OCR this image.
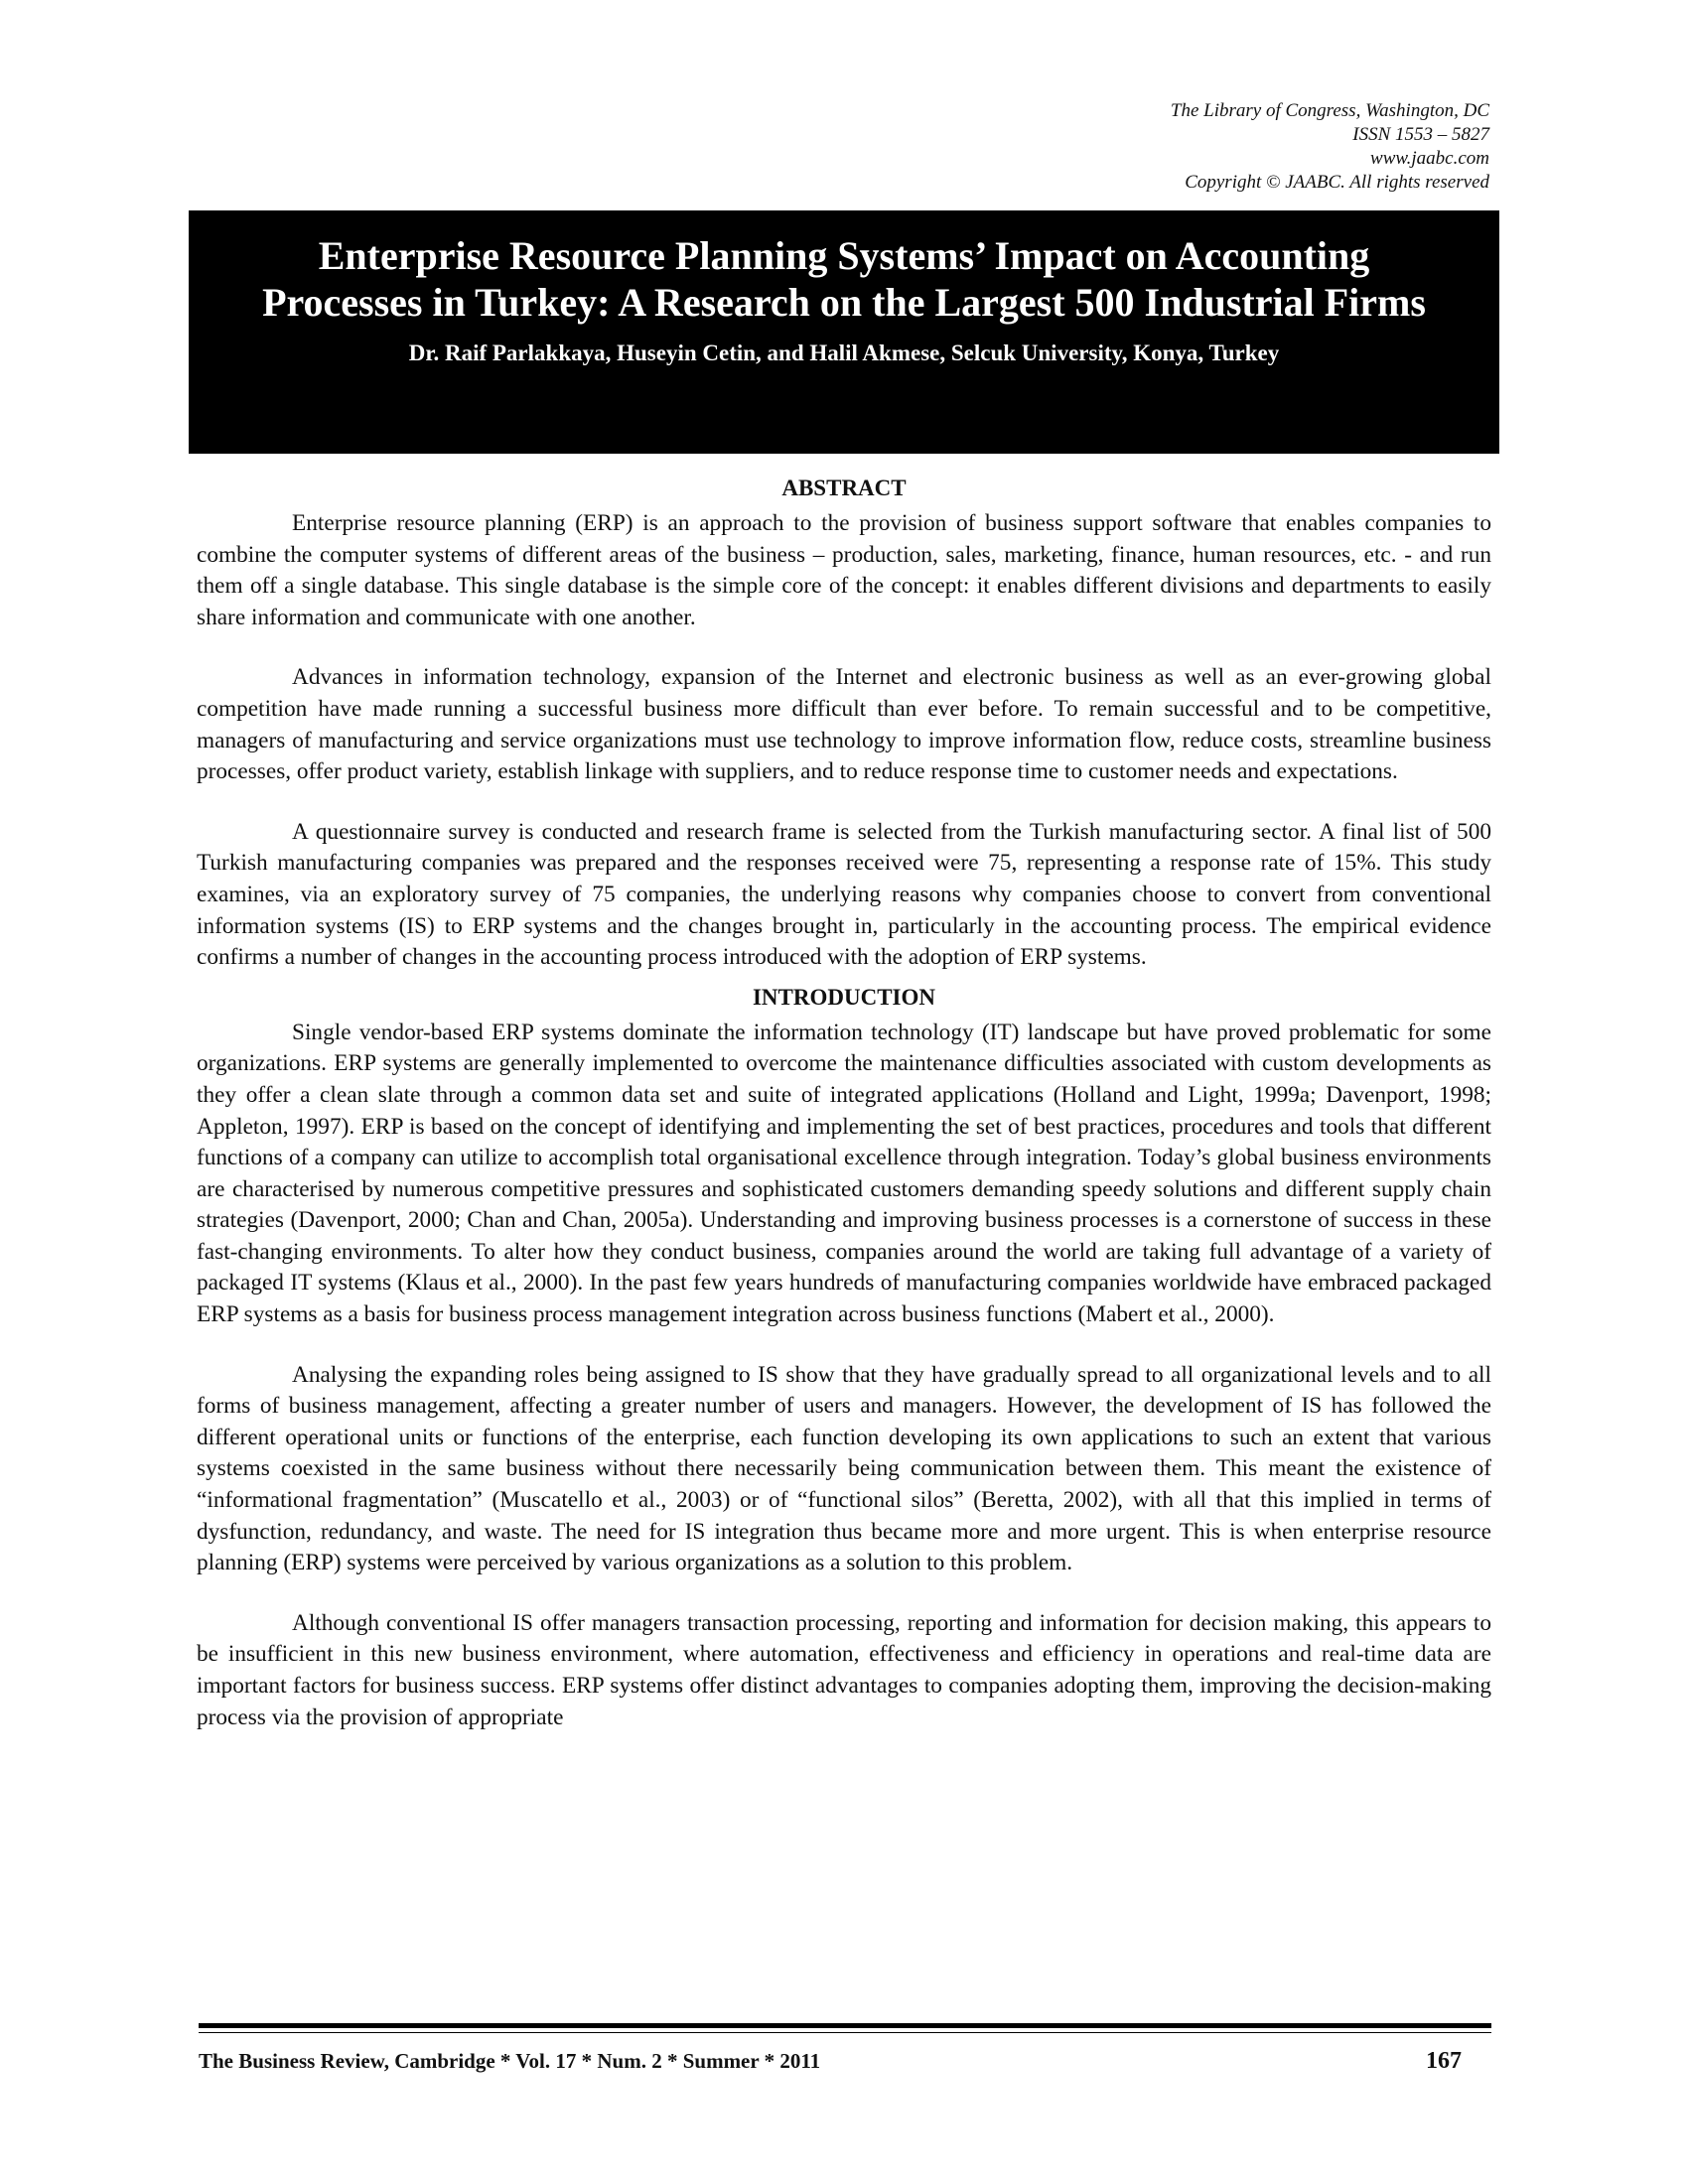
The Library of Congress, Washington, DC
ISSN 1553 – 5827
www.jaabc.com
Copyright © JAABC. All rights reserved
Enterprise Resource Planning Systems’ Impact on Accounting Processes in Turkey: A Research on the Largest 500 Industrial Firms
Dr. Raif Parlakkaya, Huseyin Cetin, and Halil Akmese, Selcuk University, Konya, Turkey
ABSTRACT

Enterprise resource planning (ERP) is an approach to the provision of business support software that enables companies to combine the computer systems of different areas of the business – production, sales, marketing, finance, human resources, etc. - and run them off a single database. This single database is the simple core of the concept: it enables different divisions and departments to easily share information and communicate with one another.

Advances in information technology, expansion of the Internet and electronic business as well as an ever-growing global competition have made running a successful business more difficult than ever before. To remain successful and to be competitive, managers of manufacturing and service organizations must use technology to improve information flow, reduce costs, streamline business processes, offer product variety, establish linkage with suppliers, and to reduce response time to customer needs and expectations.

A questionnaire survey is conducted and research frame is selected from the Turkish manufacturing sector. A final list of 500 Turkish manufacturing companies was prepared and the responses received were 75, representing a response rate of 15%. This study examines, via an exploratory survey of 75 companies, the underlying reasons why companies choose to convert from conventional information systems (IS) to ERP systems and the changes brought in, particularly in the accounting process. The empirical evidence confirms a number of changes in the accounting process introduced with the adoption of ERP systems.

INTRODUCTION

Single vendor-based ERP systems dominate the information technology (IT) landscape but have proved problematic for some organizations. ERP systems are generally implemented to overcome the maintenance difficulties associated with custom developments as they offer a clean slate through a common data set and suite of integrated applications (Holland and Light, 1999a; Davenport, 1998; Appleton, 1997). ERP is based on the concept of identifying and implementing the set of best practices, procedures and tools that different functions of a company can utilize to accomplish total organisational excellence through integration. Today’s global business environments are characterised by numerous competitive pressures and sophisticated customers demanding speedy solutions and different supply chain strategies (Davenport, 2000; Chan and Chan, 2005a). Understanding and improving business processes is a cornerstone of success in these fast-changing environments. To alter how they conduct business, companies around the world are taking full advantage of a variety of packaged IT systems (Klaus et al., 2000). In the past few years hundreds of manufacturing companies worldwide have embraced packaged ERP systems as a basis for business process management integration across business functions (Mabert et al., 2000).

Analysing the expanding roles being assigned to IS show that they have gradually spread to all organizational levels and to all forms of business management, affecting a greater number of users and managers. However, the development of IS has followed the different operational units or functions of the enterprise, each function developing its own applications to such an extent that various systems coexisted in the same business without there necessarily being communication between them. This meant the existence of “informational fragmentation” (Muscatello et al., 2003) or of “functional silos” (Beretta, 2002), with all that this implied in terms of dysfunction, redundancy, and waste. The need for IS integration thus became more and more urgent. This is when enterprise resource planning (ERP) systems were perceived by various organizations as a solution to this problem.

Although conventional IS offer managers transaction processing, reporting and information for decision making, this appears to be insufficient in this new business environment, where automation, effectiveness and efficiency in operations and real-time data are important factors for business success. ERP systems offer distinct advantages to companies adopting them, improving the decision-making process via the provision of appropriate

The Business Review, Cambridge * Vol. 17 * Num. 2 * Summer * 2011	167
